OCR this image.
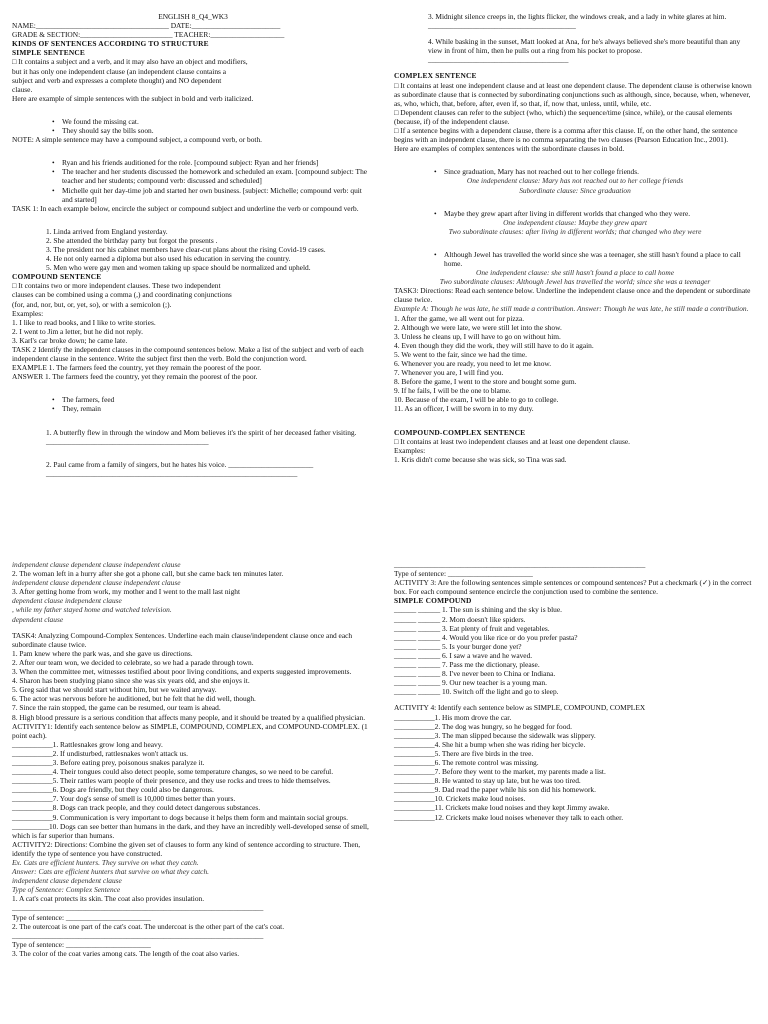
ENGLISH 8_Q4_WK3

NAME:____________________________________ DATE:________________________

GRADE & SECTION:_________________________ TEACHER:____________________

KINDS OF SENTENCES ACCORDING TO STRUCTURE

SIMPLE SENTENCE

□ It contains a subject and a verb, and it may also have an object and modifiers,

but it has only one independent clause (an independent clause contains a

subject and verb and expresses a complete thought) and NO dependent

clause.

Here are example of simple sentences with the subject in bold and verb italicized.

• We found the missing cat.

• They should say the bills soon.

NOTE: A simple sentence may have a compound subject, a compound verb, or both.

• Ryan and his friends auditioned for the role. [compound subject: Ryan and her friends]

• The teacher and her students discussed the homework and scheduled an exam. [compound subject: The teacher and her students; compound verb: discussed and scheduled]

• Michelle quit her day-time job and started her own business. [subject: Michelle; compound verb: quit and started]

TASK 1: In each example below, encircle the subject or compound subject and underline the verb or compound verb.

1. Linda arrived from England yesterday.

2. She attended the birthday party but forgot the presents .

3. The president nor his cabinet members have clear-cut plans about the rising Covid-19 cases.

4. He not only earned a diploma but also used his education in serving the country.

5. Men who were gay men and women taking up space should be normalized and upheld.

COMPOUND SENTENCE

□ It contains two or more independent clauses. These two independent

clauses can be combined using a comma (,) and coordinating conjunctions

(for, and, nor, but, or, yet, so), or with a semicolon (;).

Examples:

1. I like to read books, and I like to write stories.

2. I went to Jim a letter, but he did not reply.

3. Karl's car broke down; he came late.

TASK 2 Identify the independent clauses in the compound sentences below. Make a list of the subject and verb of each independent clause in the sentence. Write the subject first then the verb. Bold the conjunction word.

EXAMPLE 1. The farmers feed the country, yet they remain the poorest of the poor.

ANSWER 1. The farmers feed the country, yet they remain the poorest of the poor.

• The farmers, feed

• They, remain

1. A butterfly flew in through the window and Mom believes it's the spirit of her deceased father visiting. ____________________________________________

2. Paul came from a family of singers, but he hates his voice. _______________________

____________________________________________________________________

3. Midnight silence creeps in, the lights flicker, the windows creak, and a lady in white glares at him. ________________________________________

4. While basking in the sunset, Matt looked at Ana, for he's always believed she's more beautiful than any view in front of him, then he pulls out a ring from his pocket to propose. ______________________________________

COMPLEX SENTENCE

□ It contains at least one independent clause and at least one dependent clause. The dependent clause is otherwise known as subordinate clause that is connected by subordinating conjunctions such as although, since, because, when, whenever, as, who, which, that, before, after, even if, so that, if, now that, unless, until, while, etc.

□ Dependent clauses can refer to the subject (who, which) the sequence/time (since, while), or the causal elements (because, if) of the independent clause.

□ If a sentence begins with a dependent clause, there is a comma after this clause. If, on the other hand, the sentence begins with an independent clause, there is no comma separating the two clauses (Pearson Education Inc., 2001).

Here are examples of complex sentences with the subordinate clauses in bold.

• Since graduation, Mary has not reached out to her college friends.

One independent clause: Mary has not reached out to her college friends

Subordinate clause: Since graduation

• Maybe they grew apart after living in different worlds that changed who they were.

One independent clause: Maybe they grew apart

Two subordinate clauses: after living in different worlds; that changed who they were

• Although Jewel has travelled the world since she was a teenager, she still hasn't found a place to call home.

One independent clause: she still hasn't found a place to call home

Two subordinate clauses: Although Jewel has travelled the world; since she was a teenager

TASK3: Directions: Read each sentence below. Underline the independent clause once and the dependent or subordinate clause twice.

Example A: Though he was late, he still made a contribution. Answer: Though he was late, he still made a contribution.

1. After the game, we all went out for pizza.

2. Although we were late, we were still let into the show.

3. Unless he cleans up, I will have to go on without him.

4. Even though they did the work, they will still have to do it again.

5. We went to the fair, since we had the time.

6. Whenever you are ready, you need to let me know.

7. Whenever you are, I will find you.

8. Before the game, I went to the store and bought some gum.

9. If he fails, I will be the one to blame.

10. Because of the exam, I will be able to go to college.

11. As an officer, I will be sworn in to my duty.

COMPOUND-COMPLEX SENTENCE

□ It contains at least two independent clauses and at least one dependent clause.

Examples:

1. Kris didn't come because she was sick, so Tina was sad.

independent clause dependent clause independent clause

2. The woman left in a hurry after she got a phone call, but she came back ten minutes later.

independent clause dependent clause independent clause

3. After getting home from work, my mother and I went to the mall last night

dependent clause independent clause

, while my father stayed home and watched television.

dependent clause

TASK4: Analyzing Compound-Complex Sentences. Underline each main clause/independent clause once and each subordinate clause twice.

1. Pam knew where the park was, and she gave us directions.

2. After our team won, we decided to celebrate, so we had a parade through town.

3. When the committee met, witnesses testified about poor living conditions, and experts suggested improvements.

4. Sharon has been studying piano since she was six years old, and she enjoys it.

5. Greg said that we should start without him, but we waited anyway.

6. The actor was nervous before he auditioned, but he felt that he did well, though.

7. Since the rain stopped, the game can be resumed, our team is ahead.

8. High blood pressure is a serious condition that affects many people, and it should be treated by a qualified physician.

ACTIVITY1: Identify each sentence below as SIMPLE, COMPOUND, COMPLEX, and COMPOUND-COMPLEX. (1 point each).

___________1. Rattlesnakes grow long and heavy.

___________2. If undisturbed, rattlesnakes won't attack us.

___________3. Before eating prey, poisonous snakes paralyze it.

___________4. Their tongues could also detect people, some temperature changes, so we need to be careful.

___________5. Their rattles warn people of their presence, and they use rocks and trees to hide themselves.

___________6. Dogs are friendly, but they could also be dangerous.

___________7. Your dog's sense of smell is 10,000 times better than yours.

___________8. Dogs can track people, and they could detect dangerous substances.

___________9. Communication is very important to dogs because it helps them form and maintain social groups.

__________10. Dogs can see better than humans in the dark, and they have an incredibly well-developed sense of smell, which is far superior than humans.

ACTIVITY2: Directions: Combine the given set of clauses to form any kind of sentence according to structure. Then, identify the type of sentence you have constructed.

Ex. Cats are efficient hunters. They survive on what they catch.

Answer: Cats are efficient hunters that survive on what they catch.

independent clause dependent clause

Type of Sentence: Complex Sentence

1. A cat's coat protects its skin. The coat also provides insulation.

____________________________________________________________________

Type of sentence: _______________________

2. The outercoat is one part of the cat's coat. The undercoat is the other part of the cat's coat.

____________________________________________________________________

Type of sentence: _______________________

3. The color of the coat varies among cats. The length of the coat also varies.

____________________________________________________________________

Type of sentence: _______________________

ACTIVITY 3: Are the following sentences simple sentences or compound sentences? Put a checkmark (✓) in the correct box. For each compound sentence encircle the conjunction used to combine the sentence.

SIMPLE COMPOUND

______ ______ 1. The sun is shining and the sky is blue.

______ ______ 2. Mom doesn't like spiders.

______ ______ 3. Eat plenty of fruit and vegetables.

______ ______ 4. Would you like rice or do you prefer pasta?

______ ______ 5. Is your burger done yet?

______ ______ 6. I saw a wave and he waved.

______ ______ 7. Pass me the dictionary, please.

______ ______ 8. I've never been to China or Indiana.

______ ______ 9. Our new teacher is a young man.

______ ______ 10. Switch off the light and go to sleep.

ACTIVITY 4: Identify each sentence below as SIMPLE, COMPOUND, COMPLEX

___________1. His mom drove the car.

___________2. The dog was hungry, so he begged for food.

___________3. The man slipped because the sidewalk was slippery.

___________4. She hit a bump when she was riding her bicycle.

___________5. There are five birds in the tree.

___________6. The remote control was missing.

___________7. Before they went to the market, my parents made a list.

___________8. He wanted to stay up late, but he was too tired.

___________9. Dad read the paper while his son did his homework.

___________10. Crickets make loud noises.

___________11. Crickets make loud noises and they kept Jimmy awake.

___________12. Crickets make loud noises whenever they talk to each other.
